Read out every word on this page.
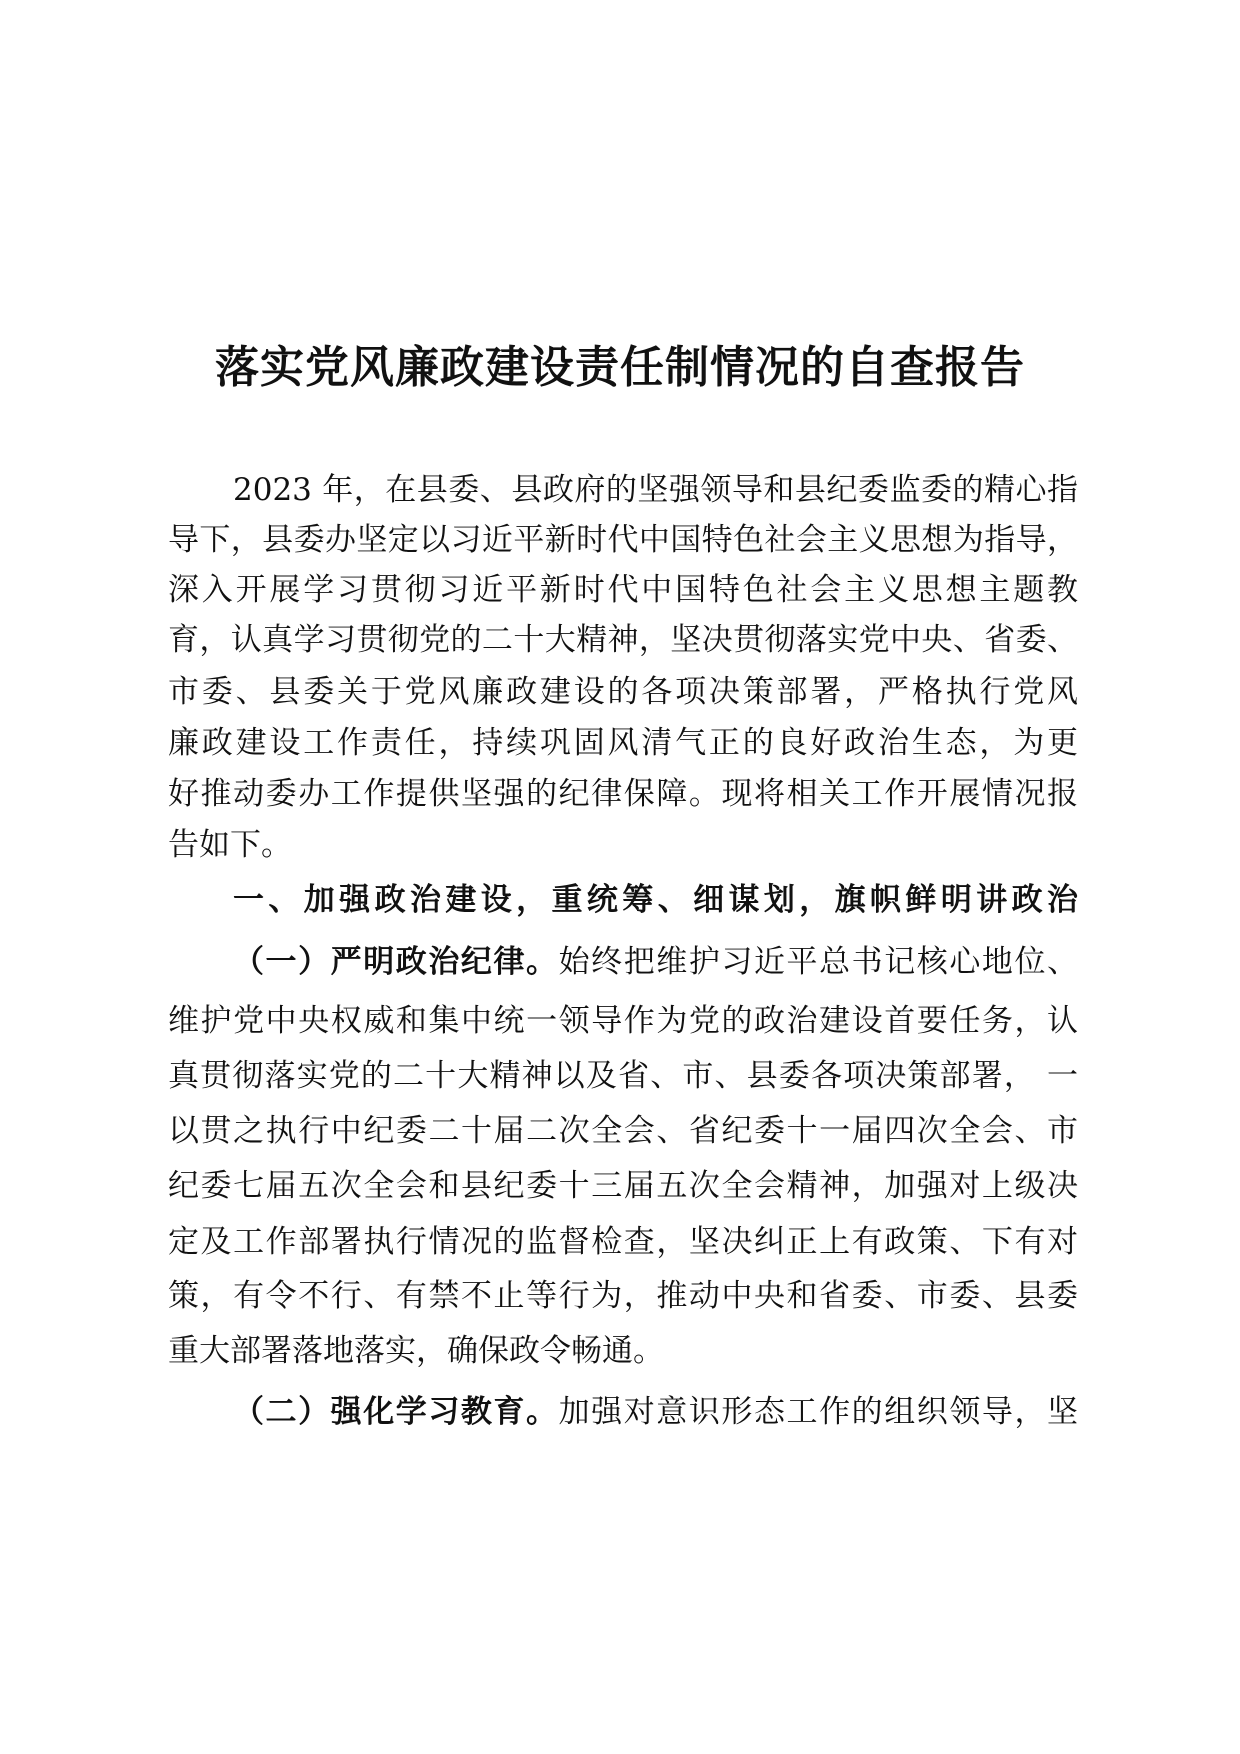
落实党风廉政建设责任制情况的自查报告

2023 年，在县委、县政府的坚强领导和县纪委监委的精心指

导下，县委办坚定以习近平新时代中国特色社会主义思想为指导，

深入开展学习贯彻习近平新时代中国特色社会主义思想主题教

育，认真学习贯彻党的二十大精神，坚决贯彻落实党中央、省委、

市委、县委关于党风廉政建设的各项决策部署，严格执行党风

廉政建设工作责任，持续巩固风清气正的良好政治生态，为更

好推动委办工作提供坚强的纪律保障。现将相关工作开展情况报

告如下。

一、加强政治建设，重统筹、细谋划，旗帜鲜明讲政治

（一）严明政治纪律。始终把维护习近平总书记核心地位、

维护党中央权威和集中统一领导作为党的政治建设首要任务，认

真贯彻落实党的二十大精神以及省、市、县委各项决策部署， 一

以贯之执行中纪委二十届二次全会、省纪委十一届四次全会、市

纪委七届五次全会和县纪委十三届五次全会精神，加强对上级决

定及工作部署执行情况的监督检查，坚决纠正上有政策、下有对

策，有令不行、有禁不止等行为，推动中央和省委、市委、县委

重大部署落地落实，确保政令畅通。

（二）强化学习教育。加强对意识形态工作的组织领导，坚
